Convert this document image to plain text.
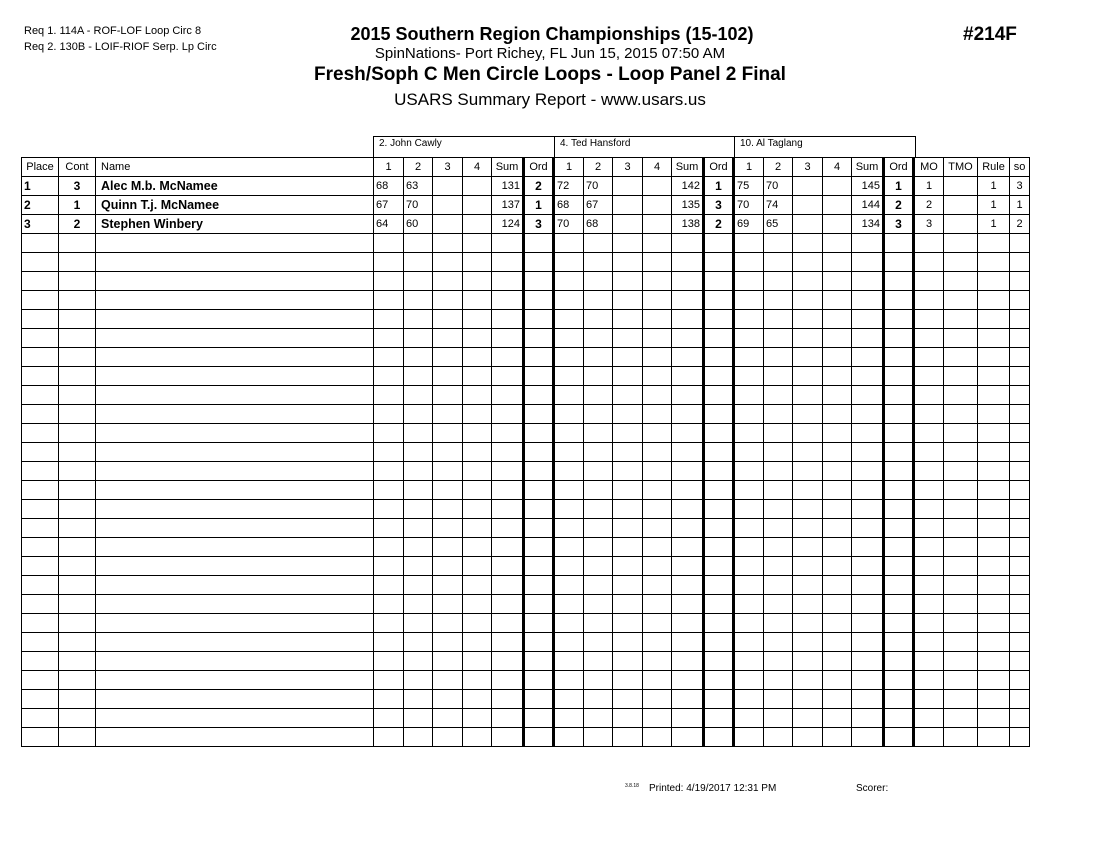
Req 1. 114A - ROF-LOF Loop Circ 8
Req 2. 130B - LOIF-RIOF Serp. Lp Circ
2015 Southern Region Championships (15-102)
SpinNations- Port Richey, FL Jun 15, 2015 07:50 AM
Fresh/Soph C Men Circle Loops - Loop Panel 2 Final
USARS Summary Report - www.usars.us
#214F
2. John Cawly	4. Ted Hansford	10. Al Taglang
Place	Cont	Name	1	2	3	4	Sum	Ord	1	2	3	4	Sum	Ord	1	2	3	4	Sum	Ord	MO	TMO	Rule	so
1	3	Alec M.b. McNamee	68	63			131	2	72	70			142	1	75	70			145	1	1		1	3
2	1	Quinn T.j. McNamee	67	70			137	1	68	67			135	3	70	74			144	2	2		1	1
3	2	Stephen Winbery	64	60			124	3	70	68			138	2	69	65			134	3	3		1	2

3.8.18 Printed: 4/19/2017 12:31 PM	Scorer:
